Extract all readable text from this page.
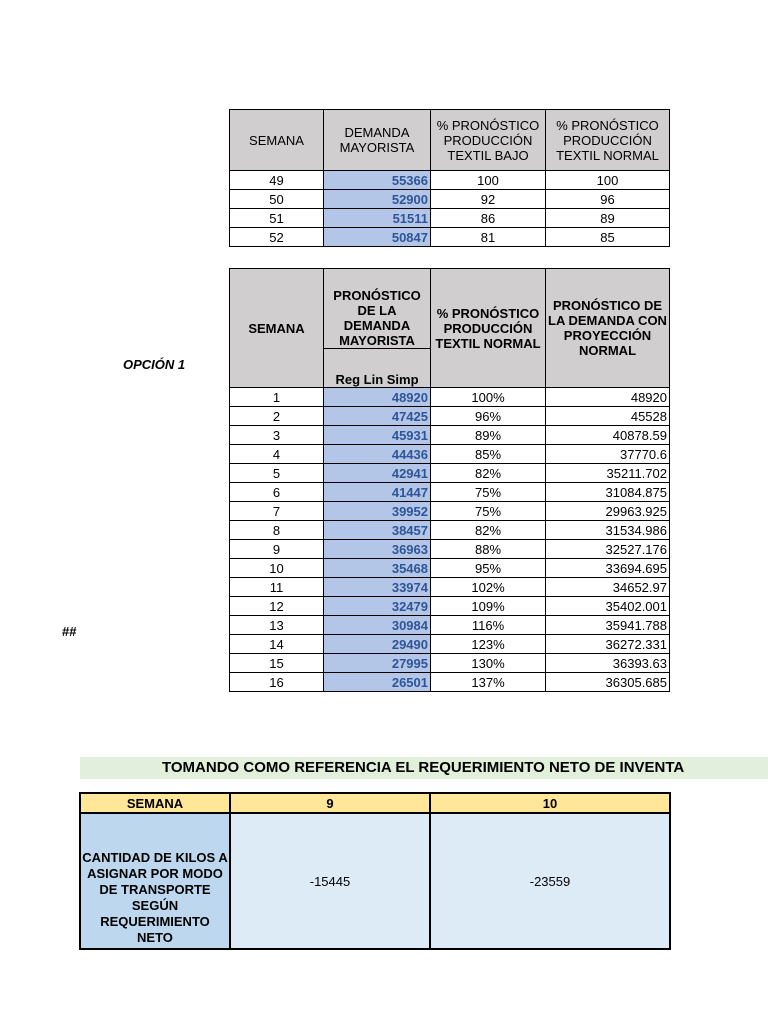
SEMANA	DEMANDA MAYORISTA	% PRONÓSTICO PRODUCCIÓN TEXTIL BAJO	% PRONÓSTICO PRODUCCIÓN TEXTIL NORMAL
49	55366	100	100
50	52900	92	96
51	51511	86	89
52	50847	81	85
OPCIÓN 1
##
SEMANA	PRONÓSTICO DE LA DEMANDA MAYORISTA	% PRONÓSTICO PRODUCCIÓN TEXTIL NORMAL	PRONÓSTICO DE LA DEMANDA CON PROYECCIÓN NORMAL
	Reg Lin Simp		
1	48920	100%	48920
2	47425	96%	45528
3	45931	89%	40878.59
4	44436	85%	37770.6
5	42941	82%	35211.702
6	41447	75%	31084.875
7	39952	75%	29963.925
8	38457	82%	31534.986
9	36963	88%	32527.176
10	35468	95%	33694.695
11	33974	102%	34652.97
12	32479	109%	35402.001
13	30984	116%	35941.788
14	29490	123%	36272.331
15	27995	130%	36393.63
16	26501	137%	36305.685
TOMANDO COMO REFERENCIA EL REQUERIMIENTO NETO DE INVENTA
SEMANA	9	10
CANTIDAD DE KILOS A ASIGNAR POR MODO DE TRANSPORTE SEGÚN REQUERIMIENTO NETO	-15445	-23559
